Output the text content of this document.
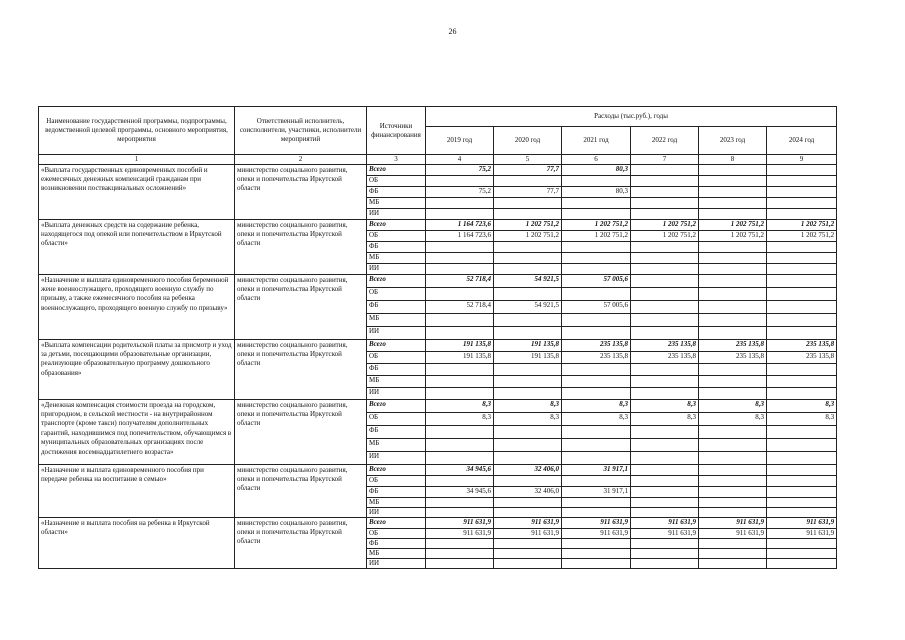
26
Наименование государственной программы, подпрограммы, ведомственной целевой программы, основного мероприятия, мероприятия	Ответственный исполнитель, соисполнители, участники, исполнители мероприятий	Источники финансирования	Расходы (тыс.руб.), годы					
			2019 год	2020 год	2021 год	2022 год	2023 год	2024 год
1	2	3	4	5	6	7	8	9
«Выплата государственных единовременных пособий и ежемесячных денежных компенсаций гражданам при возникновении поствакцинальных осложнений»	министерство социального развития, опеки и попечительства Иркутской области	Всего	75,2	77,7	80,3			
		ОБ						
		ФБ	75,2	77,7	80,3			
		МБ						
		ИИ						
«Выплата денежных средств на содержание ребенка, находящегося под опекой или попечительством в Иркутской области»	министерство социального развития, опеки и попечительства Иркутской области	Всего	1 164 723,6	1 202 751,2	1 202 751,2	1 202 751,2	1 202 751,2	1 202 751,2
		ОБ	1 164 723,6	1 202 751,2	1 202 751,2	1 202 751,2	1 202 751,2	1 202 751,2
		ФБ						
		МБ						
		ИИ						
«Назначение и выплата единовременного пособия беременной жене военнослужащего, проходящего военную службу по призыву, а также ежемесячного пособия на ребенка военнослужащего, проходящего военную службу по призыву»	министерство социального развития, опеки и попечительства Иркутской области	Всего	52 718,4	54 921,5	57 005,6			
		ОБ						
		ФБ	52 718,4	54 921,5	57 005,6			
		МБ						
		ИИ						
«Выплата компенсации родительской платы за присмотр и уход за детьми, посещающими образовательные организации, реализующие образовательную программу дошкольного образования»	министерство социального развития, опеки и попечительства Иркутской области	Всего	191 135,8	191 135,8	235 135,8	235 135,8	235 135,8	235 135,8
		ОБ	191 135,8	191 135,8	235 135,8	235 135,8	235 135,8	235 135,8
		ФБ						
		МБ						
		ИИ						
«Денежная компенсация стоимости проезда на городском, пригородном, в сельской местности - на внутрирайонном транспорте (кроме такси) получателям дополнительных гарантий, находившимся под попечительством, обучающимся в муниципальных образовательных организациях после достижения восемнадцатилетнего возраста»	министерство социального развития, опеки и попечительства Иркутской области	Всего	8,3	8,3	8,3	8,3	8,3	8,3
		ОБ	8,3	8,3	8,3	8,3	8,3	8,3
		ФБ						
		МБ						
		ИИ						
«Назначение и выплата единовременного пособия при передаче ребенка на воспитание в семью»	министерство социального развития, опеки и попечительства Иркутской области	Всего	34 945,6	32 406,0	31 917,1			
		ОБ						
		ФБ	34 945,6	32 406,0	31 917,1			
		МБ						
		ИИ						
«Назначение и выплата пособия на ребенка в Иркутской области»	министерство социального развития, опеки и попечительства Иркутской области	Всего	911 631,9	911 631,9	911 631,9	911 631,9	911 631,9	911 631,9
		ОБ	911 631,9	911 631,9	911 631,9	911 631,9	911 631,9	911 631,9
		ФБ						
		МБ						
		ИИ						
